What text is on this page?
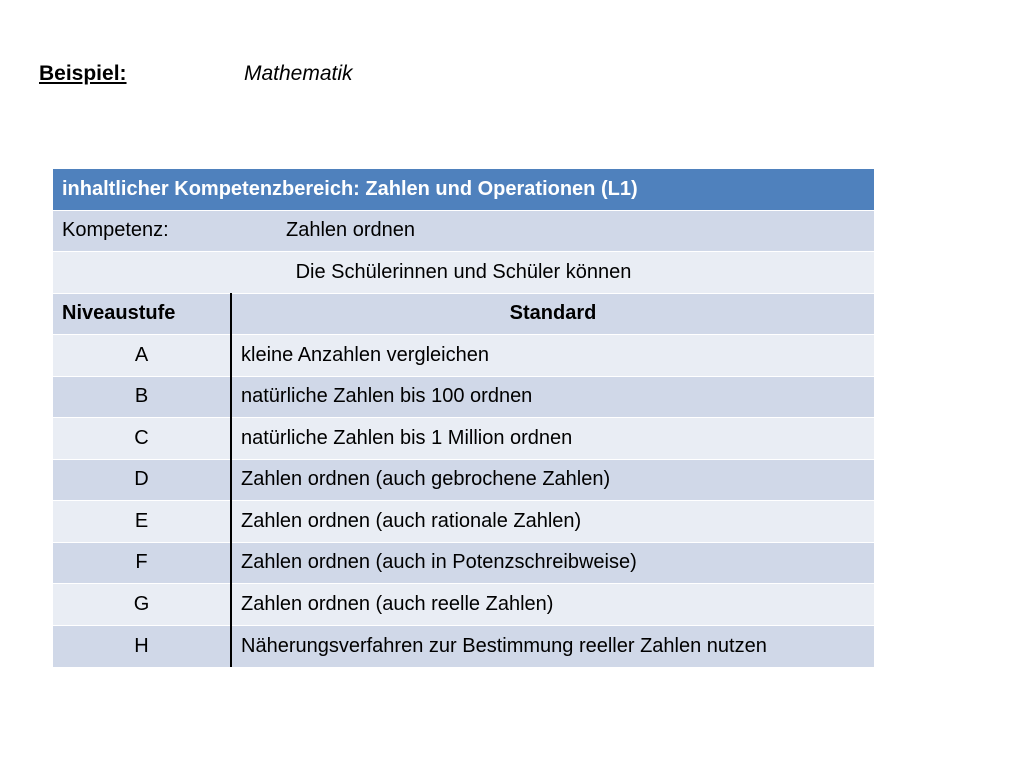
Beispiel:	Mathematik
inhaltlicher Kompetenzbereich: Zahlen und Operationen (L1)	
Kompetenz: Zahlen ordnen	
Die Schülerinnen und Schüler können	
Niveaustufe	Standard
A	kleine Anzahlen vergleichen
B	natürliche Zahlen bis 100 ordnen
C	natürliche Zahlen bis 1 Million ordnen
D	Zahlen ordnen (auch gebrochene Zahlen)
E	Zahlen ordnen (auch rationale Zahlen)
F	Zahlen ordnen (auch in Potenzschreibweise)
G	Zahlen ordnen (auch reelle Zahlen)
H	Näherungsverfahren zur Bestimmung reeller Zahlen nutzen
